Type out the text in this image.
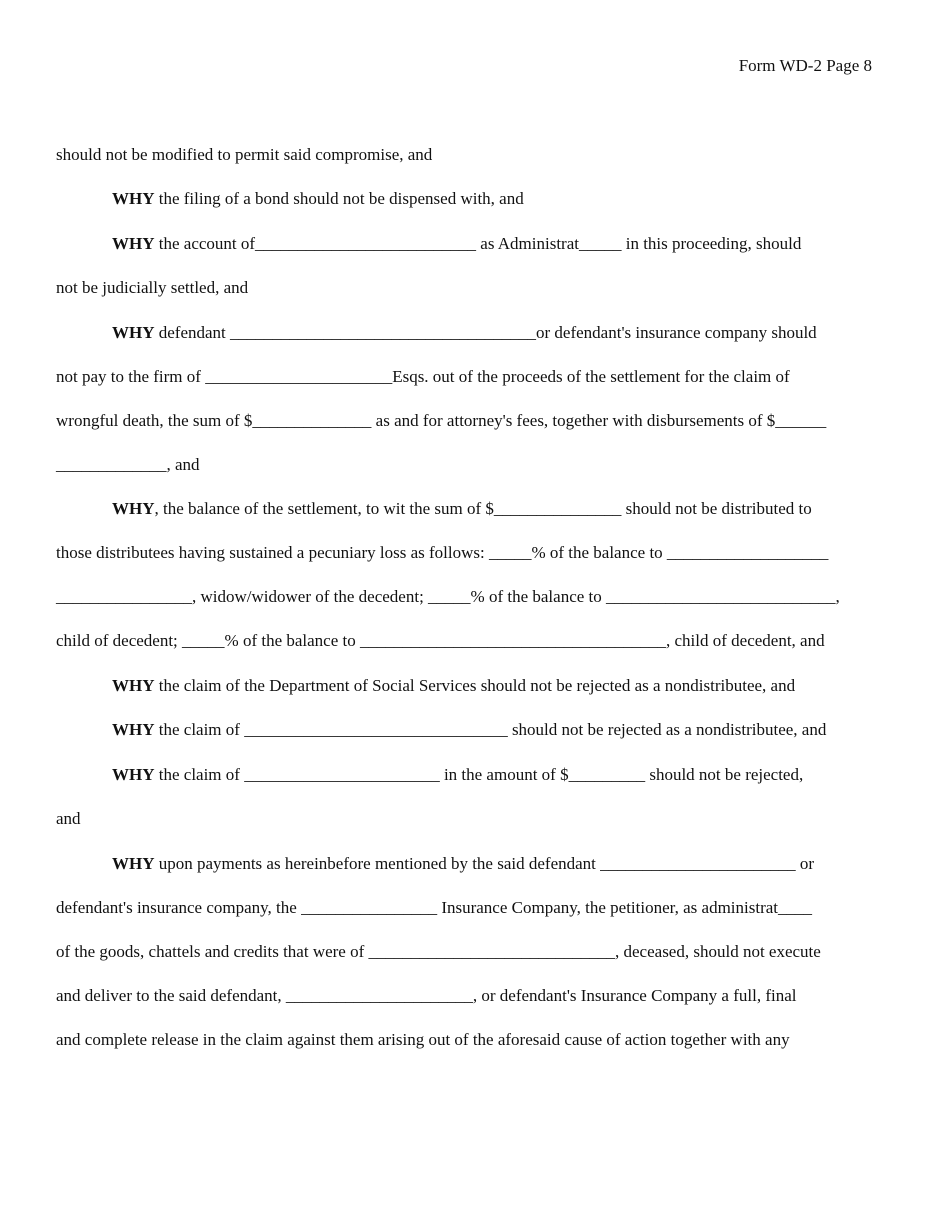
Form WD-2 Page 8
should not be modified to permit said compromise, and
WHY the filing of a bond should not be dispensed with, and
WHY the account of__________________________ as Administrat_____ in this proceeding, should
not be judicially settled, and
WHY defendant ____________________________________or defendant's insurance company should
not pay to the firm of ______________________Esqs. out of the proceeds of the settlement for the claim of
wrongful death, the sum of $______________ as and for attorney's fees, together with disbursements of $______
_____________, and
WHY, the balance of the settlement, to wit the sum of $_______________ should not be distributed to
those distributees having sustained a pecuniary loss as follows: _____% of the balance to ___________________
________________, widow/widower of the decedent; _____% of the balance to ___________________________,
child of decedent; _____% of the balance to ____________________________________, child of decedent, and
WHY the claim of the Department of Social Services should not be rejected as a nondistributee, and
WHY the claim of _______________________________ should not be rejected as a nondistributee, and
WHY the claim of _______________________ in the amount of $_________ should not be rejected,
and
WHY upon payments as hereinbefore mentioned by the said defendant _______________________ or
defendant's insurance company, the ________________ Insurance Company, the petitioner, as administrat____
of the goods, chattels and credits that were of _____________________________, deceased, should not execute
and deliver to the said defendant, ______________________, or defendant's Insurance Company a full, final
and complete release in the claim against them arising out of the aforesaid cause of action together with any
